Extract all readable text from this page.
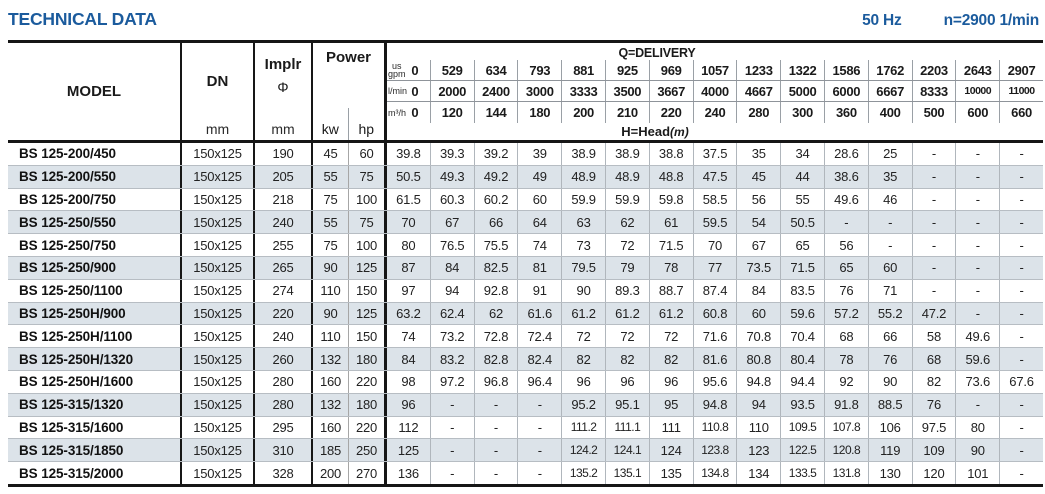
TECHNICAL DATA	50 Hz	n=2900 1/min
MODEL
DN
mm
Implr
Φ
mm
Power
kw	hp
Q=DELIVERY
us
gpm 0 529 634 793 881 925 969 1057 1233 1322 1586 1762 2203 2643 2907
l/min 0 2000 2400 3000 3333 3500 3667 4000 4667 5000 6000 6667 8333 10000 11000
m³/h 0 120 144 180 200 210 220 240 280 300 360 400 500 600 660
H=Head(m)
BS 125-200/450	150x125	190	45	60	39.8	39.3	39.2	39	38.9	38.9	38.8	37.5	35	34	28.6	25	-	-	-
BS 125-200/550	150x125	205	55	75	50.5	49.3	49.2	49	48.9	48.9	48.8	47.5	45	44	38.6	35	-	-	-
BS 125-200/750	150x125	218	75	100	61.5	60.3	60.2	60	59.9	59.9	59.8	58.5	56	55	49.6	46	-	-	-
BS 125-250/550	150x125	240	55	75	70	67	66	64	63	62	61	59.5	54	50.5	-	-	-	-	-
BS 125-250/750	150x125	255	75	100	80	76.5	75.5	74	73	72	71.5	70	67	65	56	-	-	-	-
BS 125-250/900	150x125	265	90	125	87	84	82.5	81	79.5	79	78	77	73.5	71.5	65	60	-	-	-
BS 125-250/1100	150x125	274	110	150	97	94	92.8	91	90	89.3	88.7	87.4	84	83.5	76	71	-	-	-
BS 125-250H/900	150x125	220	90	125	63.2	62.4	62	61.6	61.2	61.2	61.2	60.8	60	59.6	57.2	55.2	47.2	-	-
BS 125-250H/1100	150x125	240	110	150	74	73.2	72.8	72.4	72	72	72	71.6	70.8	70.4	68	66	58	49.6	-
BS 125-250H/1320	150x125	260	132	180	84	83.2	82.8	82.4	82	82	82	81.6	80.8	80.4	78	76	68	59.6	-
BS 125-250H/1600	150x125	280	160	220	98	97.2	96.8	96.4	96	96	96	95.6	94.8	94.4	92	90	82	73.6	67.6
BS 125-315/1320	150x125	280	132	180	96	-	-	-	95.2	95.1	95	94.8	94	93.5	91.8	88.5	76	-	-
BS 125-315/1600	150x125	295	160	220	112	-	-	-	111.2	111.1	111	110.8	110	109.5	107.8	106	97.5	80	-
BS 125-315/1850	150x125	310	185	250	125	-	-	-	124.2	124.1	124	123.8	123	122.5	120.8	119	109	90	-
BS 125-315/2000	150x125	328	200	270	136	-	-	-	135.2	135.1	135	134.8	134	133.5	131.8	130	120	101	-
